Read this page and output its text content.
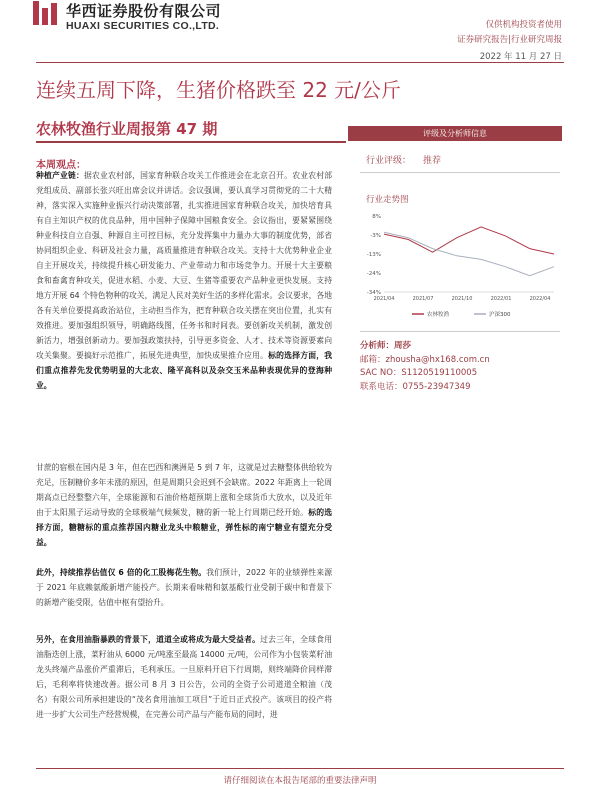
华西证券股份有限公司
HUAXI SECURITIES CO.,LTD.	仅供机构投资者使用
证券研究报告|行业研究周报
2022 年 11 月 27 日
连续五周下降，生猪价格跌至 22 元/公斤
农林牧渔行业周报第 47 期	评级及分析师信息
行业评级： 推荐
行业走势图
8%
-3%
-13%
-24%
-34%
2021/04	2021/07	2021/10	2022/01	2022/04
农林牧渔	沪深300
分析师：周莎
邮箱：zhousha@hx168.com.cn
SAC NO：S1120519110005
联系电话：0755-23947349
本周观点：
种植产业链：据农业农村部，国家育种联合攻关工作推进会在北京召开。农业农村部党组成员、副部长张兴旺出席会议并讲话。会议强调，要认真学习贯彻党的二十大精神，落实深入实施种业振兴行动决策部署，扎实推进国家育种联合攻关，加快培育具有自主知识产权的优良品种，用中国种子保障中国粮食安全。会议指出，要紧紧围绕种业科技自立自强、种源自主可控目标，充分发挥集中力量办大事的制度优势，部省协同组织企业、科研及社会力量，高质量推进育种联合攻关。支持十大优势种业企业自主开展攻关，持续提升核心研发能力、产业带动力和市场竞争力。开展十大主要粮食和畜禽育种攻关，促进水稻、小麦、大豆、生猪等重要农产品种业更快发展。支持地方开展 64 个特色物种的攻关，满足人民对美好生活的多样化需求。会议要求，各地各有关单位要提高政治站位，主动担当作为，把育种联合攻关摆在突出位置，扎实有效推进。要加强组织领导，明确路线图，任务书和时间表。要创新攻关机制，激发创新活力，增强创新动力。要加强政策扶持，引导更多资金、人才、技术等资源要素向攻关集聚。要搞好示范推广，拓展先进典型，加快成果推介应用。标的选择方面，我们重点推荐先发优势明显的大北农、隆平高科以及杂交玉米品种表现优异的登海种业。
甘蔗的宿根在国内是 3 年，但在巴西和澳洲是 5 到 7 年，这就是过去糖整体供给较为充足，压制糖价多年未涨的原因，但是周期只会迟到不会缺席。2022 年距离上一轮周期高点已经整整六年，全球能源和石油价格超预期上涨和全球货币大放水，以及近年由于太阳黑子运动导致的全球极端气候频发，糖的新一轮上行周期已经开始。标的选择方面，糖糖标的重点推荐国内糖业龙头中粮糖业，弹性标的南宁糖业有望充分受益。
此外，持续推荐估值仅 6 倍的化工股梅花生物。我们预计，2022 年的业绩弹性来源于 2021 年底赖氨酸新增产能投产。长期来看味精和氨基酸行业受制于碳中和背景下的新增产能受限，估值中枢有望抬升。
另外，在食用油脂暴跌的背景下，道道全或将成为最大受益者。过去三年，全球食用油脂迭创上涨，菜籽油从 6000 元/吨涨至最高 14000 元/吨，公司作为小包装菜籽油龙头终端产品涨价严重滞后，毛利承压。一旦原料开启下行周期，则终端降价同样滞后，毛利率将快速改善。据公司 8 月 3 日公告，公司的全资子公司道道全粮油（茂名）有限公司所承担建设的“茂名食用油加工项目”于近日正式投产。该项目的投产将进一步扩大公司生产经营规模，在完善公司产品与产能布局的同时，进
请仔细阅读在本报告尾部的重要法律声明
